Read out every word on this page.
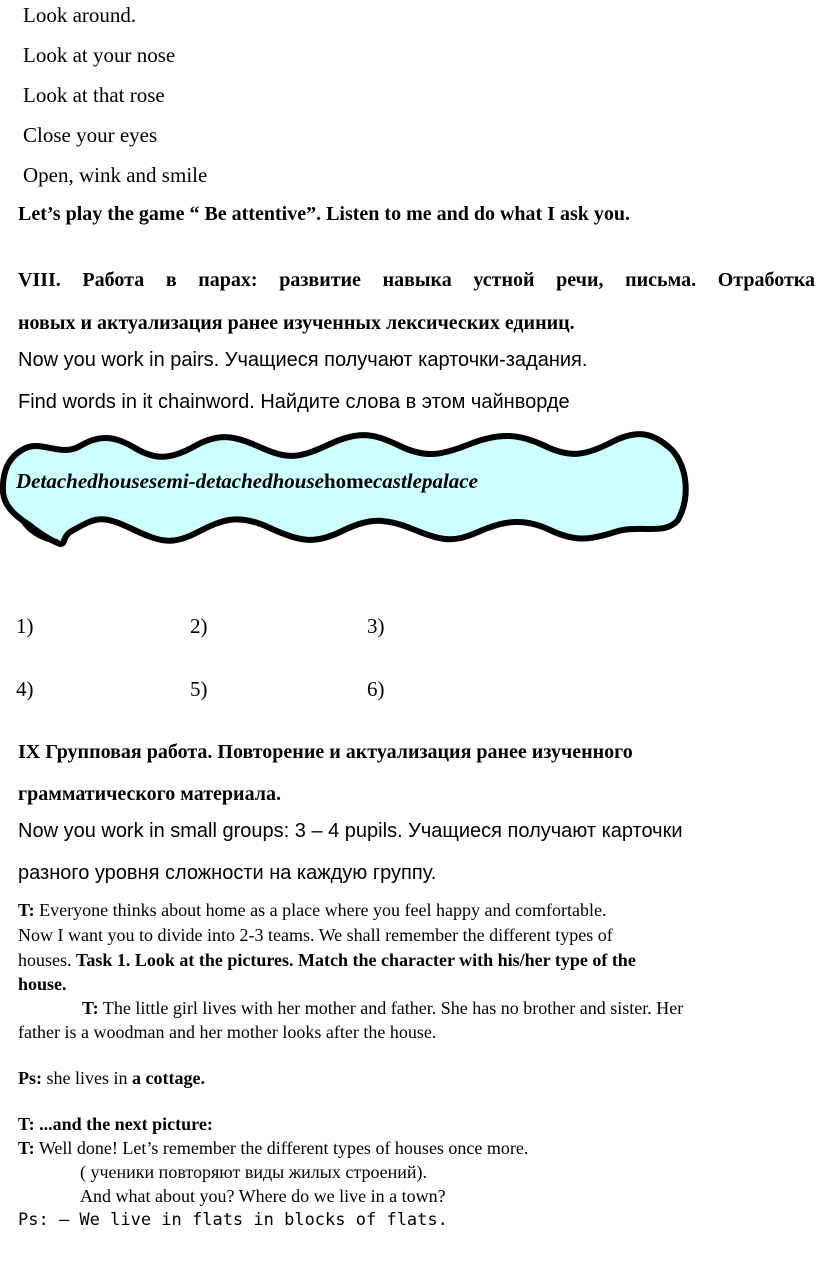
Look around.
Look at your nose
Look at that rose
Close your eyes
Open, wink and smile
Let’s play the game “ Be attentive”. Listen to me and do what I ask you.
VIII. Работа в парах: развитие навыка устной речи, письма. Отработка
новых и актуализация ранее изученных лексических единиц.
Now you work in pairs. Учащиеся получают карточки-задания.
Find words in it chainword. Найдите слова в этом чайнворде
Detachedhousesemi-detachedhousehomecastlepalace
1)	2)	3)
4)	5)	6)
IX Групповая работа. Повторение и актуализация ранее изученного
грамматического материала.
Now you work in small groups: 3 – 4 pupils. Учащиеся получают карточки
разного уровня сложности на каждую группу.
T: Everyone thinks about home as a place where you feel happy and comfortable.
Now I want you to divide into 2-3 teams. We shall remember the different types of
houses. Task 1. Look at the pictures. Match the character with his/her type of the
house.
T: The little girl lives with her mother and father. She has no brother and sister. Her
father is a woodman and her mother looks after the house.
Ps: she lives in a cottage.
T: ...and the next picture:
T: Well done! Let’s remember the different types of houses once more.
( ученики повторяют виды жилых строений).
And what about you? Where do we live in a town?
Ps: — We live in flats in blocks of flats.
